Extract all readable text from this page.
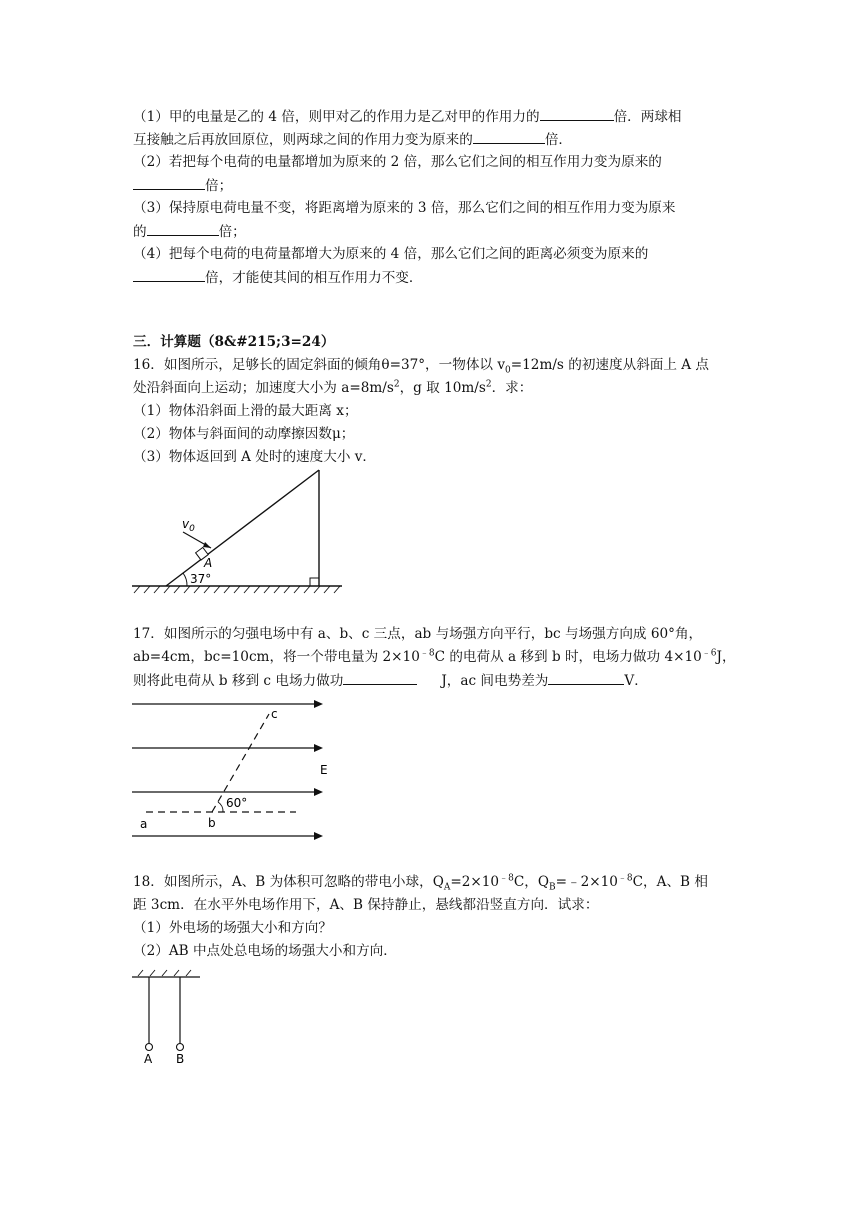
（1）甲的电量是乙的 4 倍，则甲对乙的作用力是乙对甲的作用力的	倍．两球相
互接触之后再放回原位，则两球之间的作用力变为原来的	倍．
（2）若把每个电荷的电量都增加为原来的 2 倍，那么它们之间的相互作用力变为原来的
倍；
（3）保持原电荷电量不变，将距离增为原来的 3 倍，那么它们之间的相互作用力变为原来
的	倍；
（4）把每个电荷的电荷量都增大为原来的 4 倍，那么它们之间的距离必须变为原来的
倍，才能使其间的相互作用力不变．
三．计算题（8&#215;3=24）
16．如图所示，足够长的固定斜面的倾角θ=37°，一物体以 $v_0=12m/s$ 的初速度从斜面上 A 点
处沿斜面向上运动；加速度大小为 $a=8m/s^2$，g 取 $10m/s^2$．求：
（1）物体沿斜面上滑的最大距离 x；
（2）物体与斜面间的动摩擦因数μ；
（3）物体返回到 A 处时的速度大小 v．
37°
A
$v_0$
17．如图所示的匀强电场中有 a、b、c 三点，ab 与场强方向平行，bc 与场强方向成 60°角，
ab=4cm，bc=10cm，将一个带电量为 $2\times 10^{﹣8}C$ 的电荷从 a 移到 b 时，电场力做功 $4\times 10^{﹣6}J$，
则将此电荷从 b 移到 c 电场力做功	J，ac 间电势差为	V．
60°
a	b
c
E
18．如图所示，A、B 为体积可忽略的带电小球，$Q_A=2\times 10^{﹣8}C$，$Q_B=﹣2\times 10^{﹣8}C$，A、B 相
距 3cm．在水平外电场作用下，A、B 保持静止，悬线都沿竖直方向．试求：
（1）外电场的场强大小和方向？
（2）AB 中点处总电场的场强大小和方向．
A B
